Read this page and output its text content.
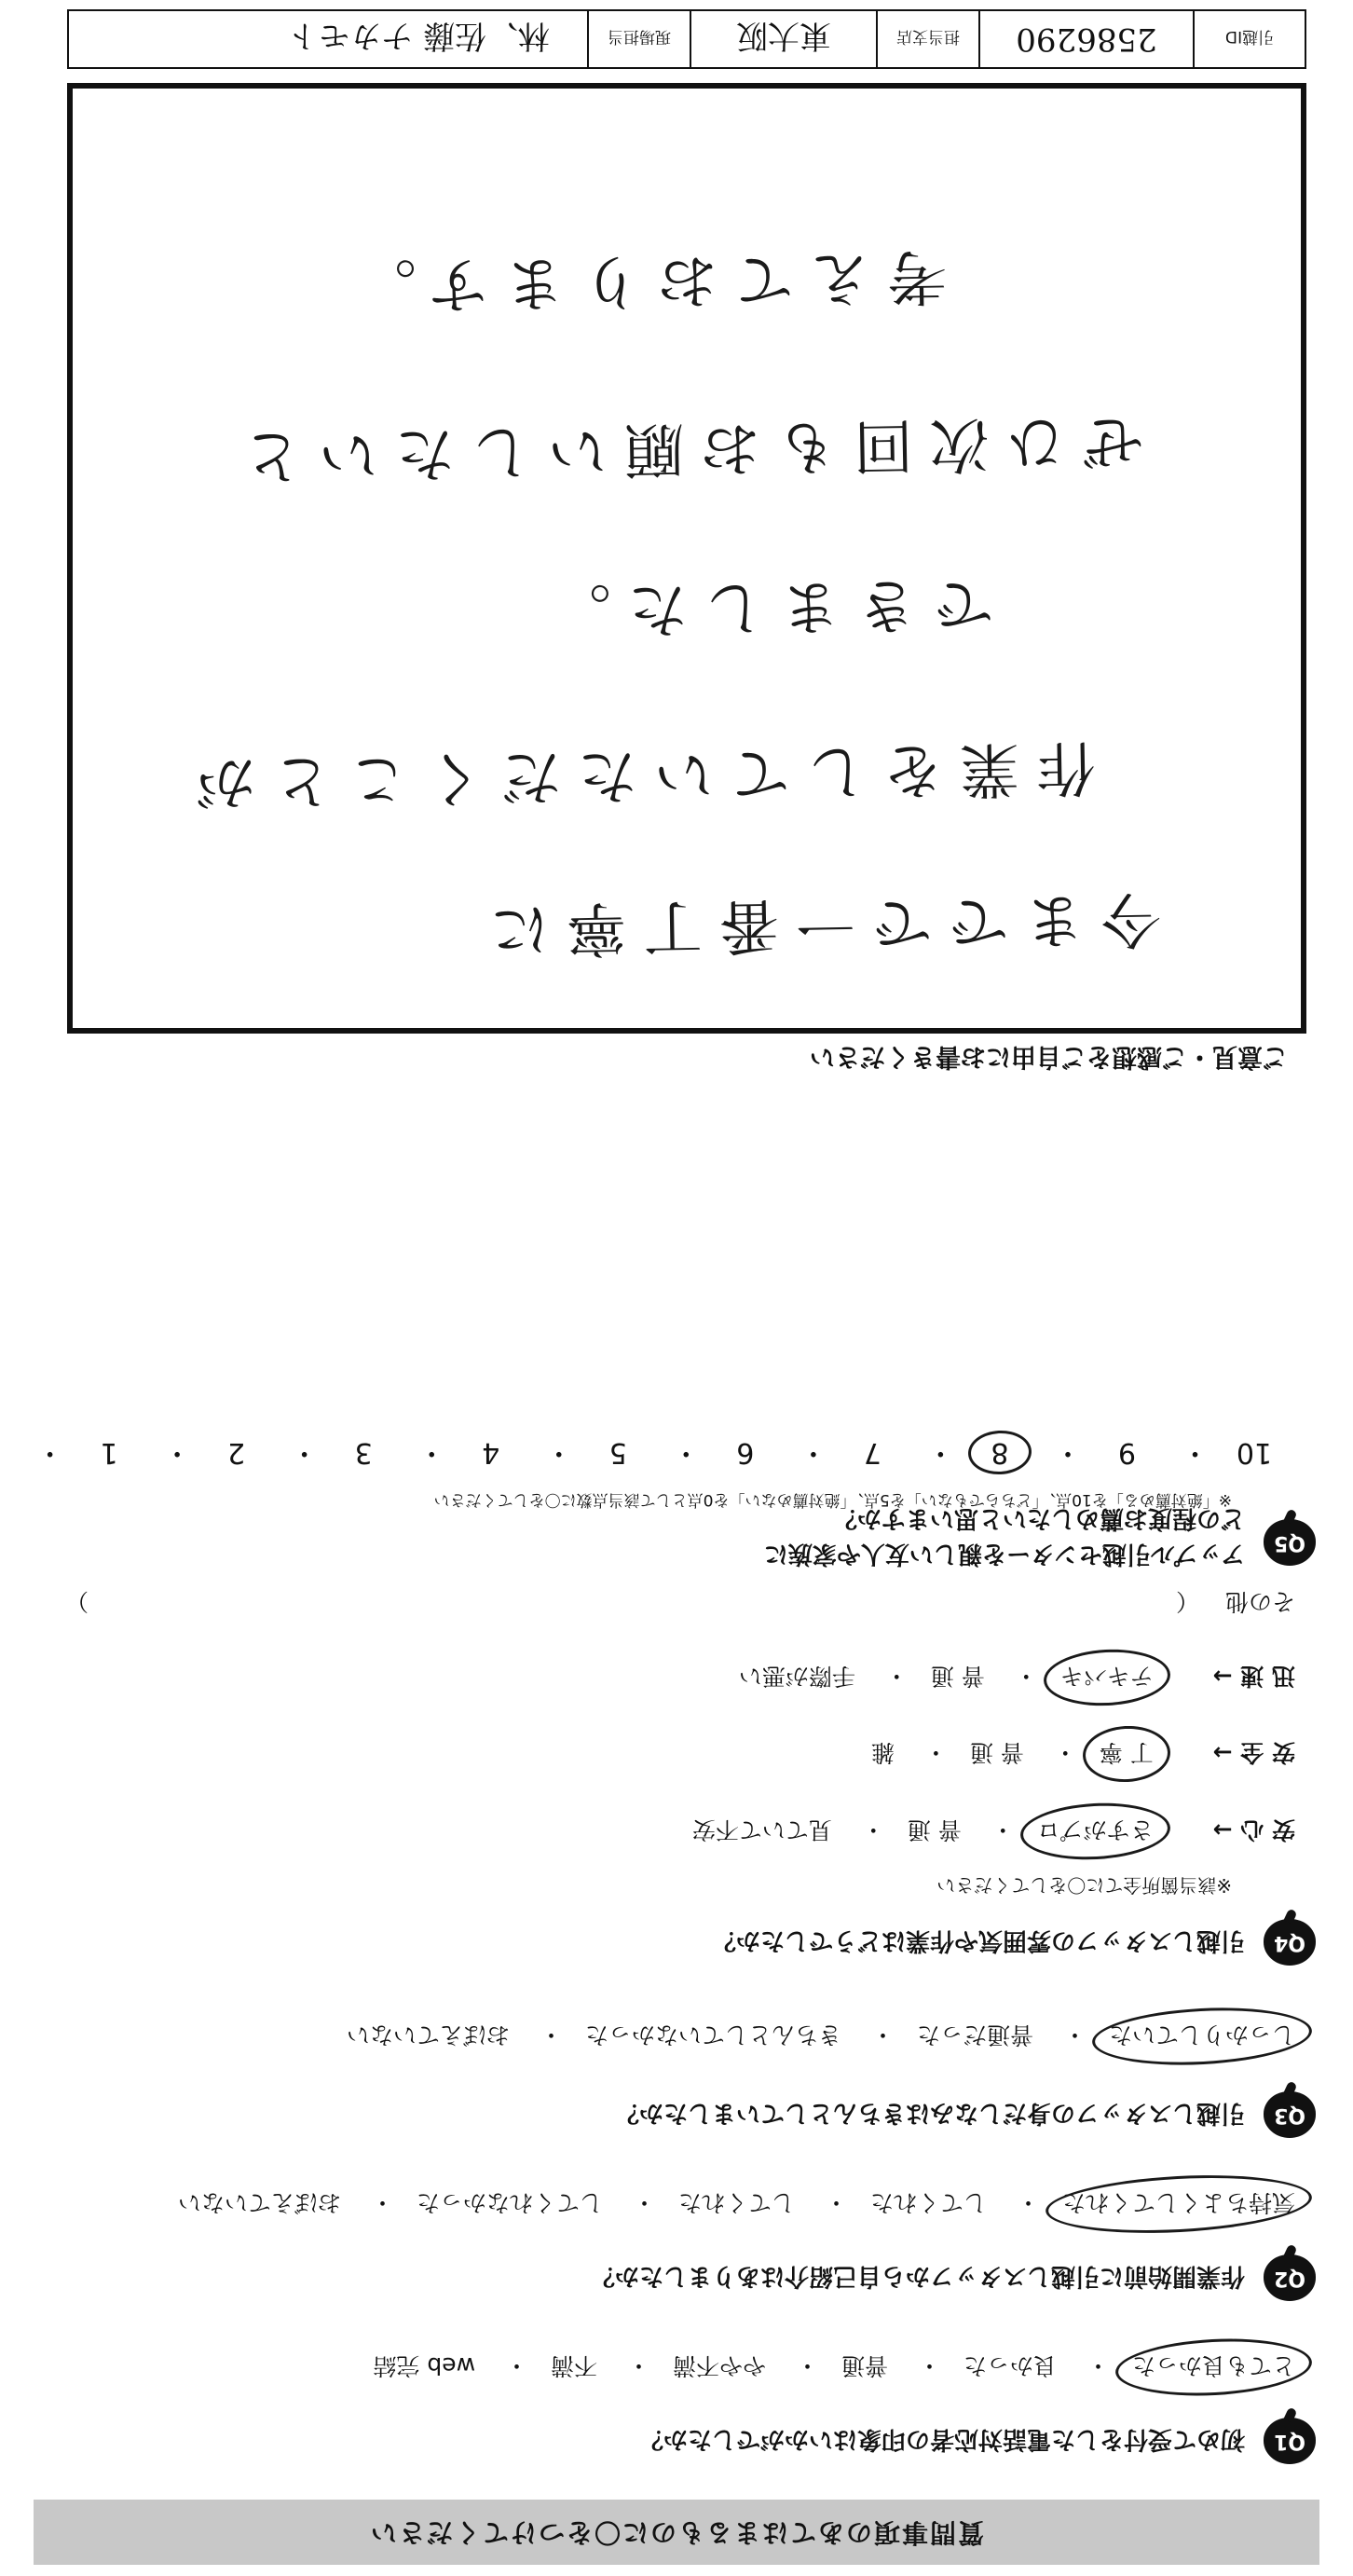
質問事項のあてはまるものに〇をつけてください
Q1
初めて受付をした電話対応者の印象はいかがでしたか？
とても良かった・ 良かった・ 普通・ やや不満・ 不満・ web 完結
Q2
作業開始前に引越しスタッフから自己紹介はありましたか？
気持ちよくしてくれた・ してくれた・ してくれた・ してくれなかった・ おぼえていない
Q3
引越しスタッフの身だしなみはきちんとしていましたか？
しっかりしていた・ 普通だった・ きちんとしていなかった・ おぼえていない
Q4
引越しスタッフの雰囲気や作業はどうでしたか？
※該当箇所全てに〇をしてください
安 心 →  さすがプロ・ 普 通・ 見ていて不安
安 全 →  丁 寧・ 普 通・ 雑
迅 速 →  テキパキ・ 普 通・ 手際が悪い
その他 （
）
Q5
アップル引越センターを親しい友人や家族に
どの程度お薦めしたいと思いますか？
※「絶対薦める」を10点、「どちらでもない」を5点、「絶対薦めない」を0点として該当点数に〇をしてください
10・ 9・ 8・ 7・ 6・ 5・ 4・ 3・ 2・ 1・
ご意見・ご感想をご自由にお書きください
今までで一番丁寧に
作業をしていただくことが
できました。
ぜひ次回もお願いしたいと
考えております。
引越ID
2586290
担当支店
東大阪
現場担当
林、佐藤 ナカモト
